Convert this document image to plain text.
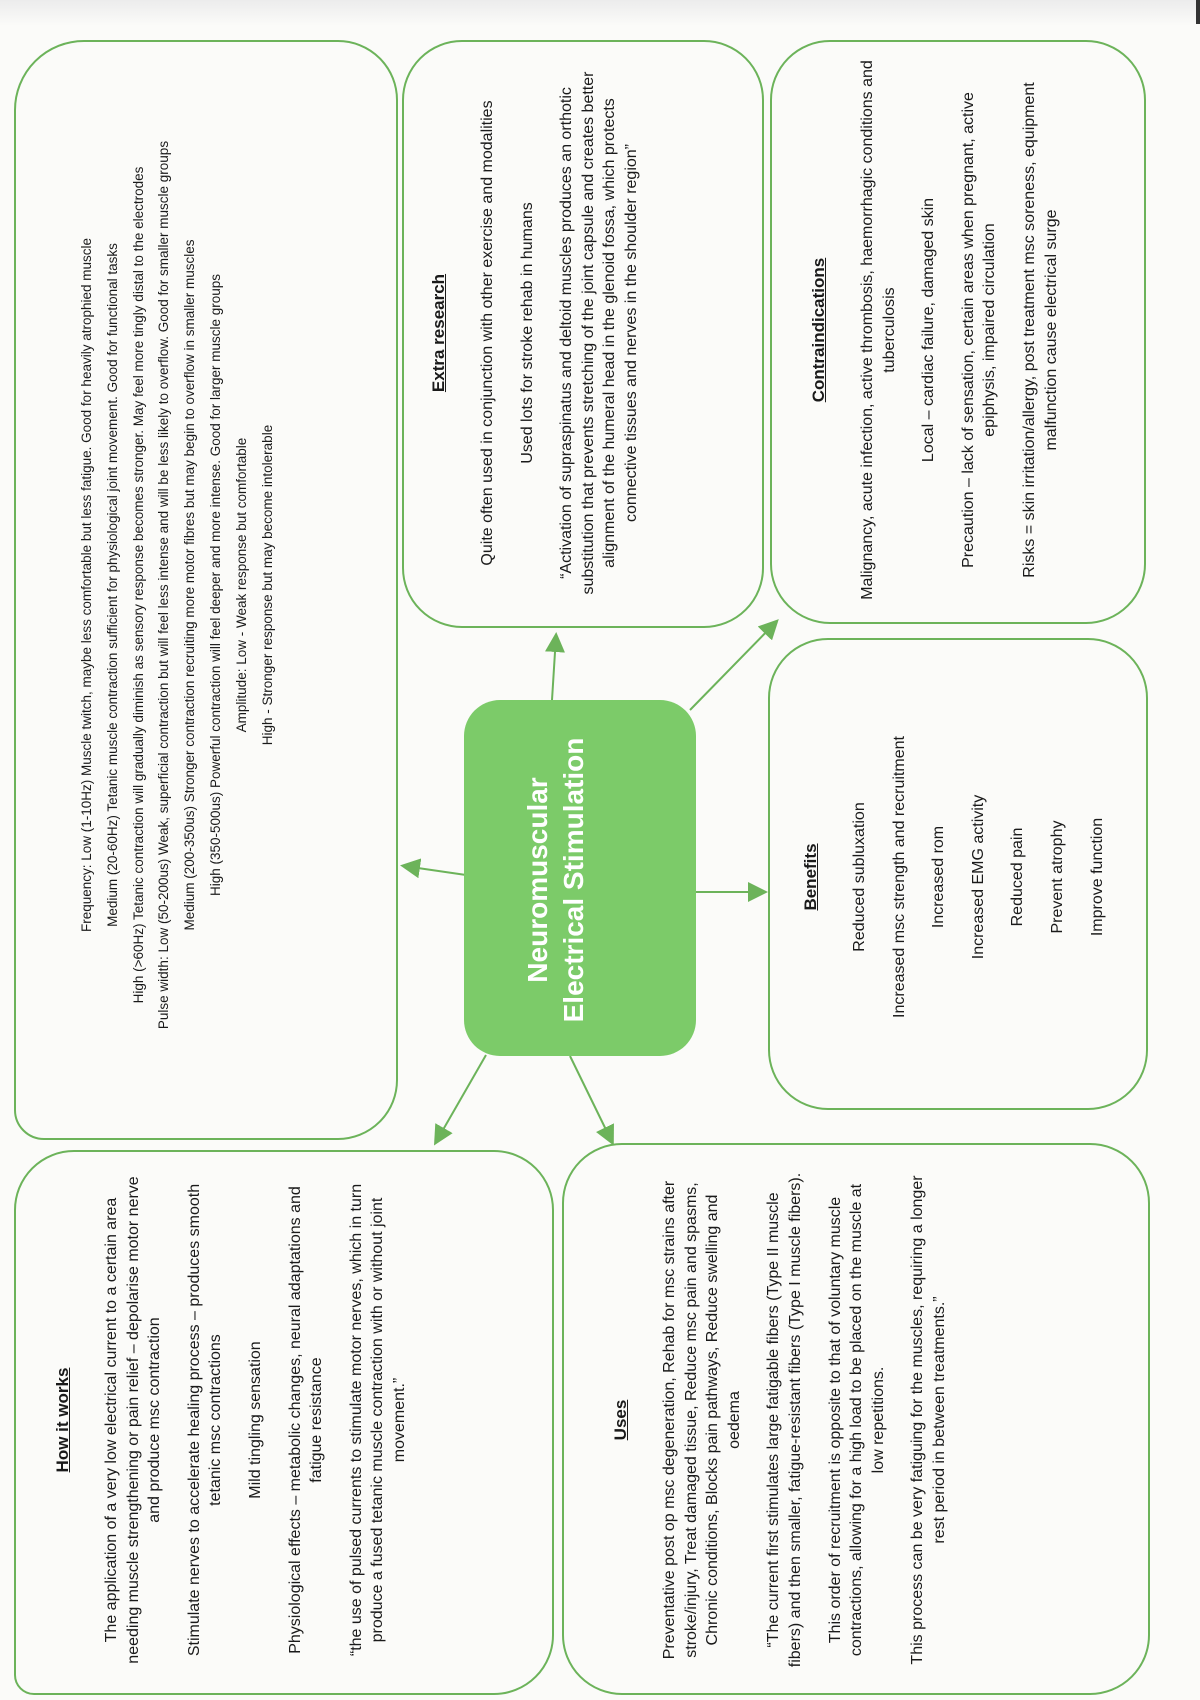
Neuromuscular Electrical Stimulation

Frequency: Low (1-10Hz) Muscle twitch, maybe less comfortable but less fatigue. Good for heavily atrophied muscle Medium (20-60Hz) Tetanic muscle contraction sufficient for physiological joint movement. Good for functional tasks High (>60Hz) Tetanic contraction will gradually diminish as sensory response becomes stronger. May feel more tingly distal to the electrodes Pulse width: Low (50-200us) Weak, superficial contraction but will feel less intense and will be less likely to overflow. Good for smaller muscle groups Medium (200-350us) Stronger contraction recruiting more motor fibres but may begin to overflow in smaller muscles High (350-500us) Powerful contraction will feel deeper and more intense. Good for larger muscle groups Amplitude: Low - Weak response but comfortable High - Stronger response but may become intolerable

Extra research Quite often used in conjunction with other exercise and modalities Used lots for stroke rehab in humans “Activation of supraspinatus and deltoid muscles produces an orthotic substitution that prevents stretching of the joint capsule and creates better alignment of the humeral head in the glenoid fossa, which protects connective tissues and nerves in the shoulder region”	Contraindications Malignancy, acute infection, active thrombosis, haemorrhagic conditions and tuberculosis Local – cardiac failure, damaged skin Precaution – lack of sensation, certain areas when pregnant, active epiphysis, impaired circulation Risks = skin irritation/allergy, post treatment msc soreness, equipment malfunction cause electrical surge

Benefits Reduced subluxation Increased msc strength and recruitment Increased rom Increased EMG activity Reduced pain Prevent atrophy Improve function

How it works The application of a very low electrical current to a certain area needing muscle strengthening or pain relief – depolarise motor nerve and produce msc contraction Stimulate nerves to accelerate healing process – produces smooth tetanic msc contractions Mild tingling sensation Physiological effects – metabolic changes, neural adaptations and fatigue resistance “the use of pulsed currents to stimulate motor nerves, which in turn produce a fused tetanic muscle contraction with or without joint movement.”	Uses Preventative post op msc degeneration, Rehab for msc strains after stroke/injury, Treat damaged tissue, Reduce msc pain and spasms, Chronic conditions, Blocks pain pathways, Reduce swelling and oedema “The current first stimulates large fatigable fibers (Type II muscle fibers) and then smaller, fatigue-resistant fibers (Type I muscle fibers). This order of recruitment is opposite to that of voluntary muscle contractions, allowing for a high load to be placed on the muscle at low repetitions. This process can be very fatiguing for the muscles, requiring a longer rest period in between treatments.”
